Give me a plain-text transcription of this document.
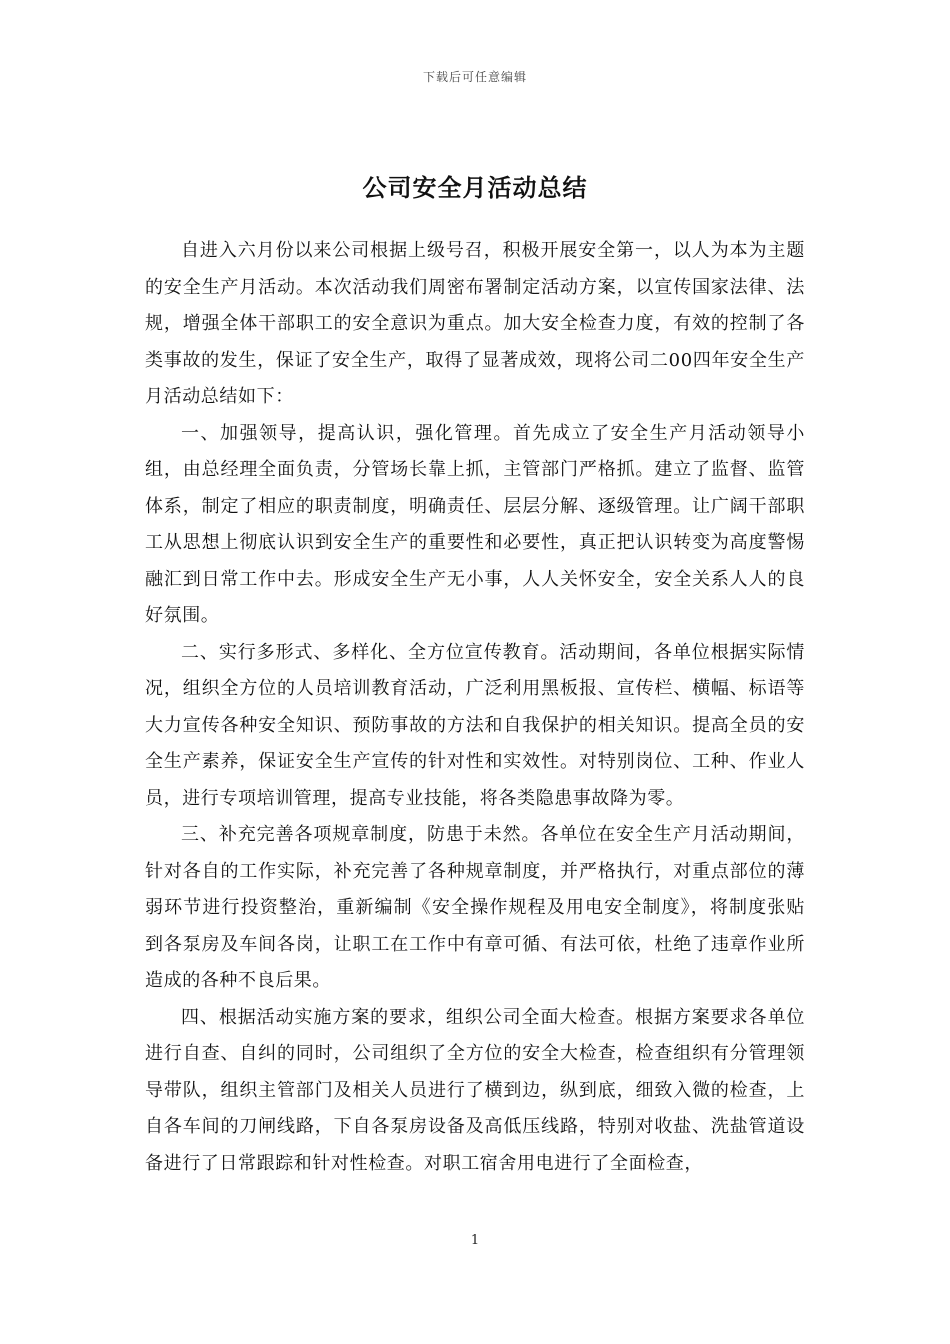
下载后可任意编辑
公司安全月活动总结

自进入六月份以来公司根据上级号召，积极开展安全第一，以人为本为主题的安全生产月活动。本次活动我们周密布署制定活动方案，以宣传国家法律、法规，增强全体干部职工的安全意识为重点。加大安全检查力度，有效的控制了各类事故的发生，保证了安全生产，取得了显著成效，现将公司二00四年安全生产月活动总结如下：

一、加强领导，提高认识，强化管理。首先成立了安全生产月活动领导小组，由总经理全面负责，分管场长靠上抓，主管部门严格抓。建立了监督、监管体系，制定了相应的职责制度，明确责任、层层分解、逐级管理。让广阔干部职工从思想上彻底认识到安全生产的重要性和必要性，真正把认识转变为高度警惕融汇到日常工作中去。形成安全生产无小事，人人关怀安全，安全关系人人的良好氛围。

二、实行多形式、多样化、全方位宣传教育。活动期间，各单位根据实际情况，组织全方位的人员培训教育活动，广泛利用黑板报、宣传栏、横幅、标语等大力宣传各种安全知识、预防事故的方法和自我保护的相关知识。提高全员的安全生产素养，保证安全生产宣传的针对性和实效性。对特别岗位、工种、作业人员，进行专项培训管理，提高专业技能，将各类隐患事故降为零。

三、补充完善各项规章制度，防患于未然。各单位在安全生产月活动期间，针对各自的工作实际，补充完善了各种规章制度，并严格执行，对重点部位的薄弱环节进行投资整治，重新编制《安全操作规程及用电安全制度》，将制度张贴到各泵房及车间各岗，让职工在工作中有章可循、有法可依，杜绝了违章作业所造成的各种不良后果。

四、根据活动实施方案的要求，组织公司全面大检查。根据方案要求各单位进行自查、自纠的同时，公司组织了全方位的安全大检查，检查组织有分管理领导带队，组织主管部门及相关人员进行了横到边，纵到底，细致入微的检查，上自各车间的刀闸线路，下自各泵房设备及高低压线路，特别对收盐、洗盐管道设备进行了日常跟踪和针对性检查。对职工宿舍用电进行了全面检查，

1
